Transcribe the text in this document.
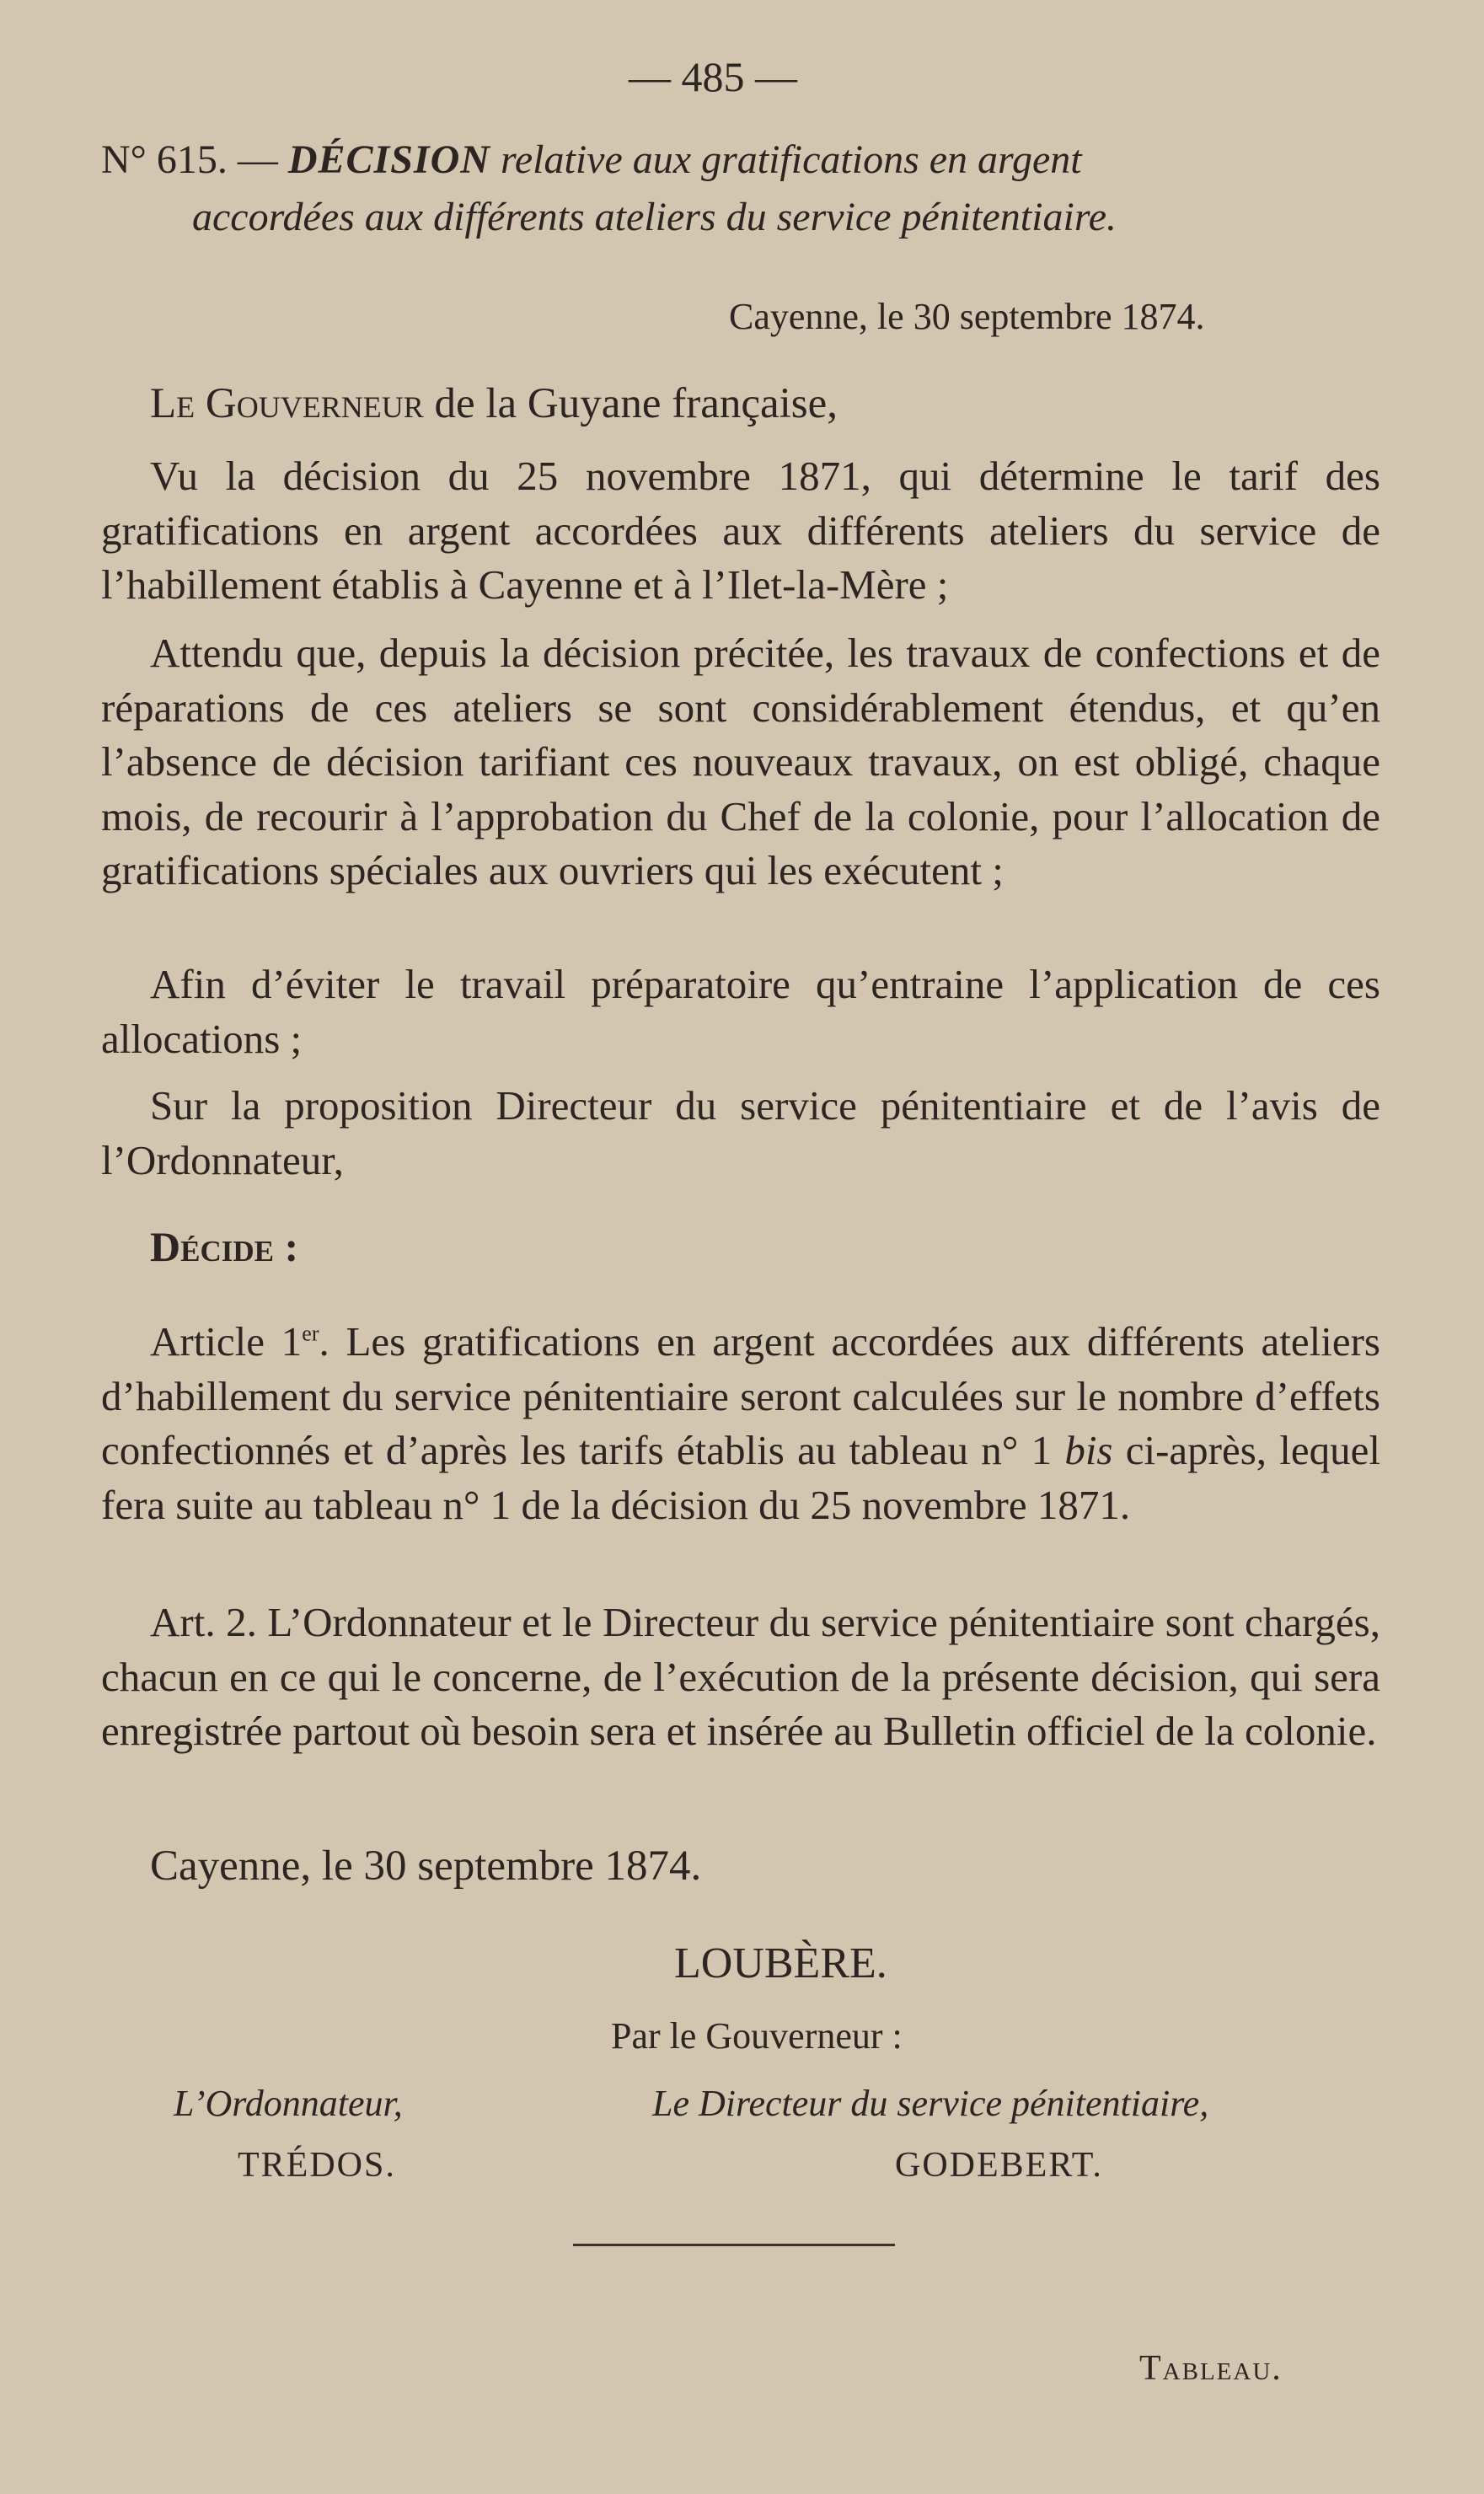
— 485 —
N° 615. — DÉCISION relative aux gratifications en argent
accordées aux différents ateliers du service pénitentiaire.
Cayenne, le 30 septembre 1874.
Le Gouverneur de la Guyane française,

Vu la décision du 25 novembre 1871, qui détermine le tarif des gratifications en argent accordées aux différents ateliers du service de l’habillement établis à Cayenne et à l’Ilet-la-Mère ;

Attendu que, depuis la décision précitée, les travaux de confections et de réparations de ces ateliers se sont considérablement étendus, et qu’en l’absence de décision tarifiant ces nouveaux travaux, on est obligé, chaque mois, de recourir à l’approbation du Chef de la colonie, pour l’allocation de gratifications spéciales aux ouvriers qui les exécutent ;

Afin d’éviter le travail préparatoire qu’entraine l’application de ces allocations ;

Sur la proposition Directeur du service pénitentiaire et de l’avis de l’Ordonnateur,

Décide :

Article 1er. Les gratifications en argent accordées aux différents ateliers d’habillement du service pénitentiaire seront calculées sur le nombre d’effets confectionnés et d’après les tarifs établis au tableau n° 1 bis ci-après, lequel fera suite au tableau n° 1 de la décision du 25 novembre 1871.

Art. 2. L’Ordonnateur et le Directeur du service pénitentiaire sont chargés, chacun en ce qui le concerne, de l’exécution de la présente décision, qui sera enregistrée partout où besoin sera et insérée au Bulletin officiel de la colonie.

Cayenne, le 30 septembre 1874.
LOUBÈRE.
Par le Gouverneur :
L’Ordonnateur,
TRÉDOS.
Le Directeur du service pénitentiaire,
GODEBERT.
Tableau.
